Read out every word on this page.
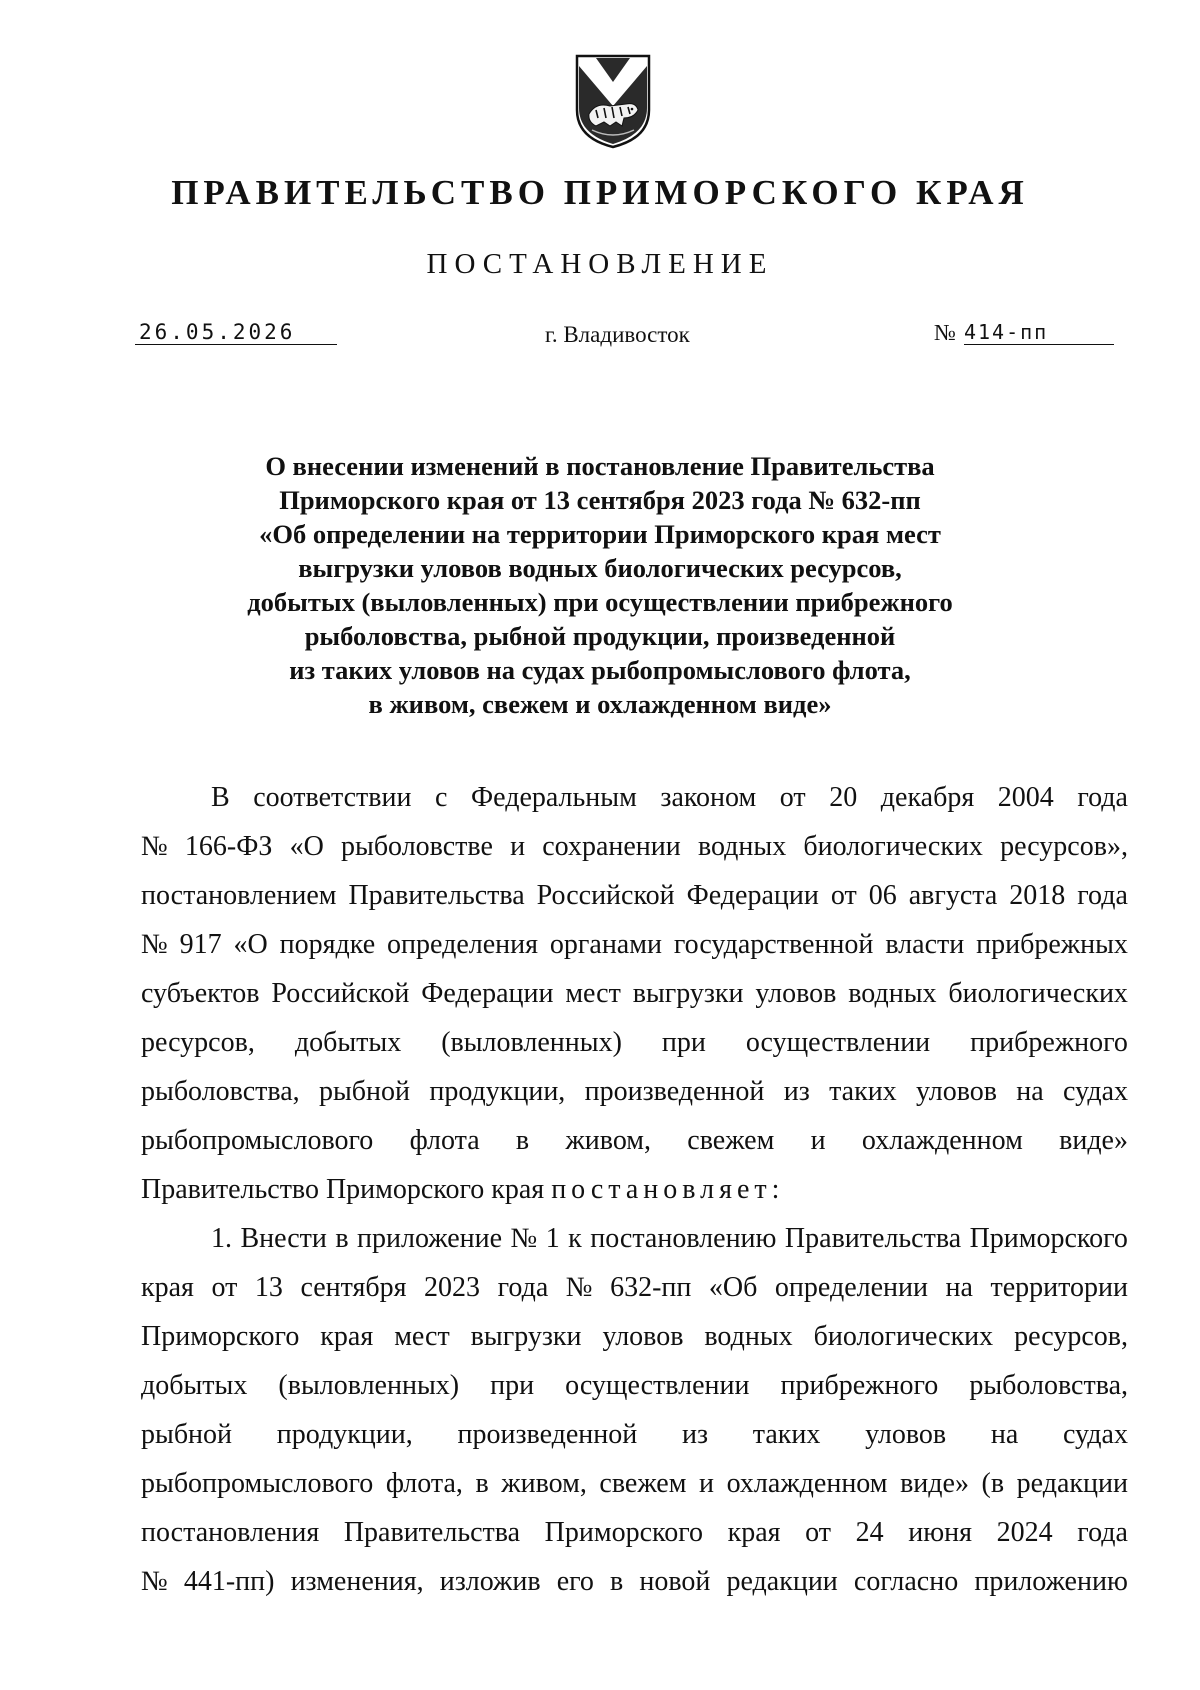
ПРАВИТЕЛЬСТВО ПРИМОРСКОГО КРАЯ
ПОСТАНОВЛЕНИЕ
26.05.2026	г. Владивосток	№ 414-пп
О внесении изменений в постановление Правительства
Приморского края от 13 сентября 2023 года № 632-пп
«Об определении на территории Приморского края мест
выгрузки уловов водных биологических ресурсов,
добытых (выловленных) при осуществлении прибрежного
рыболовства, рыбной продукции, произведенной
из таких уловов на судах рыбопромыслового флота,
в живом, свежем и охлажденном виде»
В соответствии с Федеральным законом от 20 декабря 2004 года
№ 166-ФЗ «О рыболовстве и сохранении водных биологических ресурсов»,
постановлением Правительства Российской Федерации от 06 августа 2018 года
№ 917 «О порядке определения органами государственной власти прибрежных
субъектов Российской Федерации мест выгрузки уловов водных биологических
ресурсов, добытых (выловленных) при осуществлении прибрежного
рыболовства, рыбной продукции, произведенной из таких уловов на судах
рыбопромыслового флота в живом, свежем и охлажденном виде»
Правительство Приморского края постановляет:
1. Внести в приложение № 1 к постановлению Правительства Приморского
края от 13 сентября 2023 года № 632-пп «Об определении на территории
Приморского края мест выгрузки уловов водных биологических ресурсов,
добытых (выловленных) при осуществлении прибрежного рыболовства,
рыбной продукции, произведенной из таких уловов на судах
рыбопромыслового флота, в живом, свежем и охлажденном виде» (в редакции
постановления Правительства Приморского края от 24 июня 2024 года
№ 441-пп) изменения, изложив его в новой редакции согласно приложению
